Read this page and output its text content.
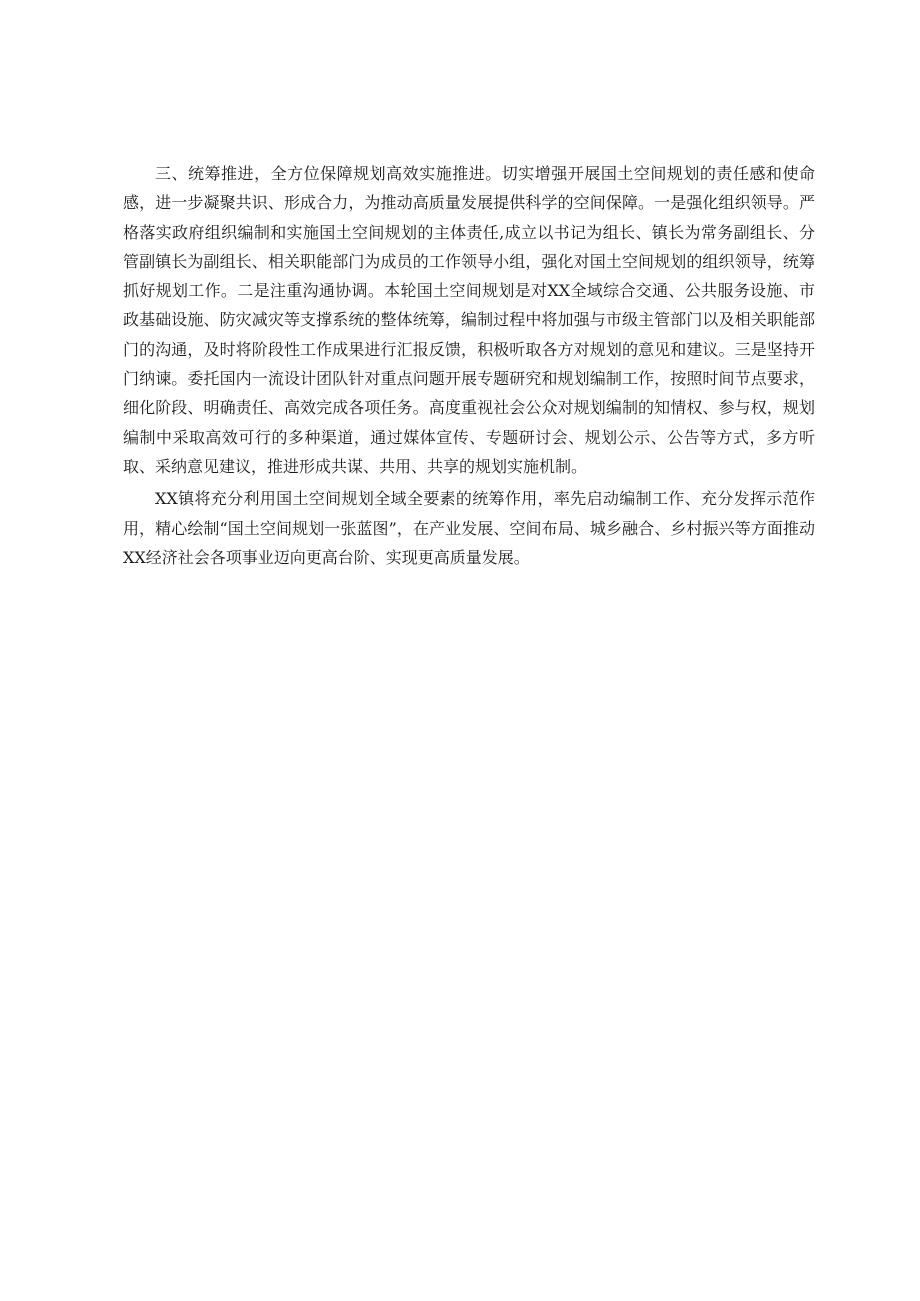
三、统筹推进，全方位保障规划高效实施推进。切实增强开展国土空间规划的责任感和使命感，进一步凝聚共识、形成合力，为推动高质量发展提供科学的空间保障。一是强化组织领导。严格落实政府组织编制和实施国土空间规划的主体责任,成立以书记为组长、镇长为常务副组长、分管副镇长为副组长、相关职能部门为成员的工作领导小组，强化对国土空间规划的组织领导，统筹抓好规划工作。二是注重沟通协调。本轮国土空间规划是对XX全域综合交通、公共服务设施、市政基础设施、防灾减灾等支撑系统的整体统筹，编制过程中将加强与市级主管部门以及相关职能部门的沟通，及时将阶段性工作成果进行汇报反馈，积极听取各方对规划的意见和建议。三是坚持开门纳谏。委托国内一流设计团队针对重点问题开展专题研究和规划编制工作，按照时间节点要求，细化阶段、明确责任、高效完成各项任务。高度重视社会公众对规划编制的知情权、参与权，规划编制中采取高效可行的多种渠道，通过媒体宣传、专题研讨会、规划公示、公告等方式，多方听取、采纳意见建议，推进形成共谋、共用、共享的规划实施机制。

XX镇将充分利用国土空间规划全域全要素的统筹作用，率先启动编制工作、充分发挥示范作用，精心绘制“国土空间规划一张蓝图”，在产业发展、空间布局、城乡融合、乡村振兴等方面推动XX经济社会各项事业迈向更高台阶、实现更高质量发展。
